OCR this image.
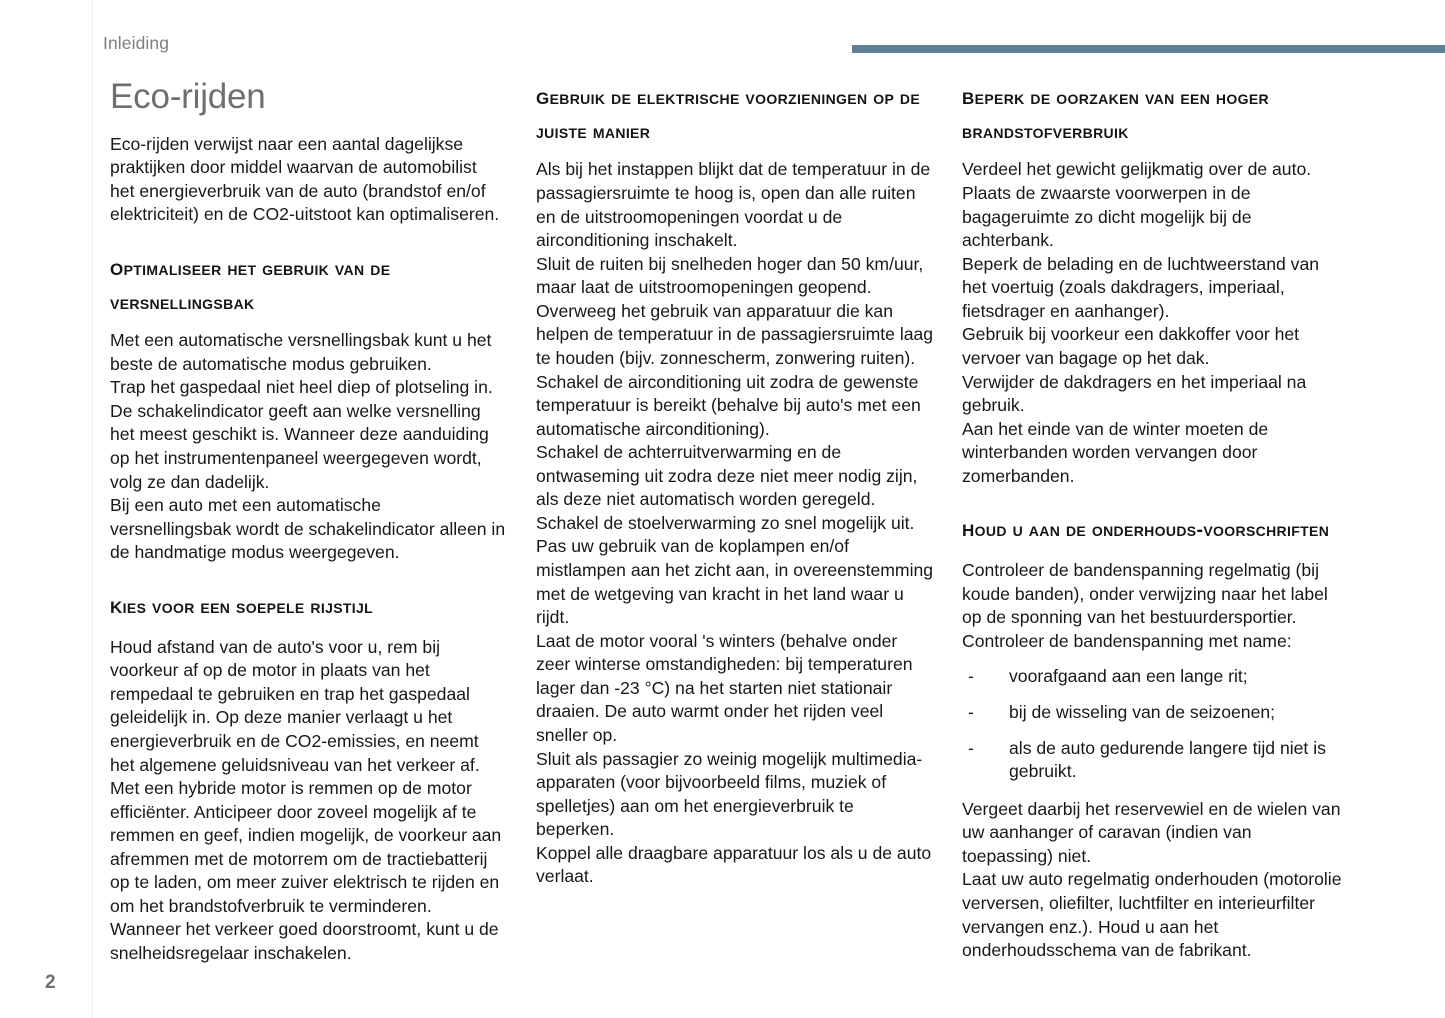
Inleiding
2
Eco-rijden

Eco-rijden verwijst naar een aantal dagelijkse praktijken door middel waarvan de automobilist het energieverbruik van de auto (brandstof en/of elektriciteit) en de CO2-uitstoot kan optimaliseren.

optimaliseer het gebruik van de versnellingsbak

Met een automatische versnellingsbak kunt u het beste de automatische modus gebruiken.

Trap het gaspedaal niet heel diep of plotseling in.

De schakelindicator geeft aan welke versnelling het meest geschikt is. Wanneer deze aanduiding op het instrumentenpaneel weergegeven wordt, volg ze dan dadelijk.

Bij een auto met een automatische versnellingsbak wordt de schakelindicator alleen in de handmatige modus weergegeven.

kies voor een soepele rijstijl

Houd afstand van de auto's voor u, rem bij voorkeur af op de motor in plaats van het rempedaal te gebruiken en trap het gaspedaal geleidelijk in. Op deze manier verlaagt u het energieverbruik en de CO2-emissies, en neemt het algemene geluidsniveau van het verkeer af. Met een hybride motor is remmen op de motor efficiënter. Anticipeer door zoveel mogelijk af te remmen en geef, indien mogelijk, de voorkeur aan afremmen met de motorrem om de tractiebatterij op te laden, om meer zuiver elektrisch te rijden en om het brandstofverbruik te verminderen.

Wanneer het verkeer goed doorstroomt, kunt u de snelheidsregelaar inschakelen.

gebruik de elektrische voorzieningen op de juiste manier

Als bij het instappen blijkt dat de temperatuur in de passagiersruimte te hoog is, open dan alle ruiten en de uitstroomopeningen voordat u de airconditioning inschakelt.

Sluit de ruiten bij snelheden hoger dan 50 km/uur, maar laat de uitstroomopeningen geopend.

Overweeg het gebruik van apparatuur die kan helpen de temperatuur in de passagiersruimte laag te houden (bijv. zonnescherm, zonwering ruiten).

Schakel de airconditioning uit zodra de gewenste temperatuur is bereikt (behalve bij auto's met een automatische airconditioning).

Schakel de achterruitverwarming en de ontwaseming uit zodra deze niet meer nodig zijn, als deze niet automatisch worden geregeld.

Schakel de stoelverwarming zo snel mogelijk uit.

Pas uw gebruik van de koplampen en/of mistlampen aan het zicht aan, in overeenstemming met de wetgeving van kracht in het land waar u rijdt.

Laat de motor vooral 's winters (behalve onder zeer winterse omstandigheden: bij temperaturen lager dan -23 °C) na het starten niet stationair draaien. De auto warmt onder het rijden veel sneller op.

Sluit als passagier zo weinig mogelijk multimedia-apparaten (voor bijvoorbeeld films, muziek of spelletjes) aan om het energieverbruik te beperken.

Koppel alle draagbare apparatuur los als u de auto verlaat.

beperk de oorzaken van een hoger brandstofverbruik

Verdeel het gewicht gelijkmatig over de auto. Plaats de zwaarste voorwerpen in de bagageruimte zo dicht mogelijk bij de achterbank.

Beperk de belading en de luchtweerstand van het voertuig (zoals dakdragers, imperiaal, fietsdrager en aanhanger).

Gebruik bij voorkeur een dakkoffer voor het vervoer van bagage op het dak.

Verwijder de dakdragers en het imperiaal na gebruik.

Aan het einde van de winter moeten de winterbanden worden vervangen door zomerbanden.

houd u aan de onderhouds-voorschriften

Controleer de bandenspanning regelmatig (bij koude banden), onder verwijzing naar het label op de sponning van het bestuurdersportier. Controleer de bandenspanning met name:

- voorafgaand aan een lange rit;
- bij de wisseling van de seizoenen;
- als de auto gedurende langere tijd niet is gebruikt.

Vergeet daarbij het reservewiel en de wielen van uw aanhanger of caravan (indien van toepassing) niet.

Laat uw auto regelmatig onderhouden (motorolie verversen, oliefilter, luchtfilter en interieurfilter vervangen enz.). Houd u aan het onderhoudsschema van de fabrikant.
